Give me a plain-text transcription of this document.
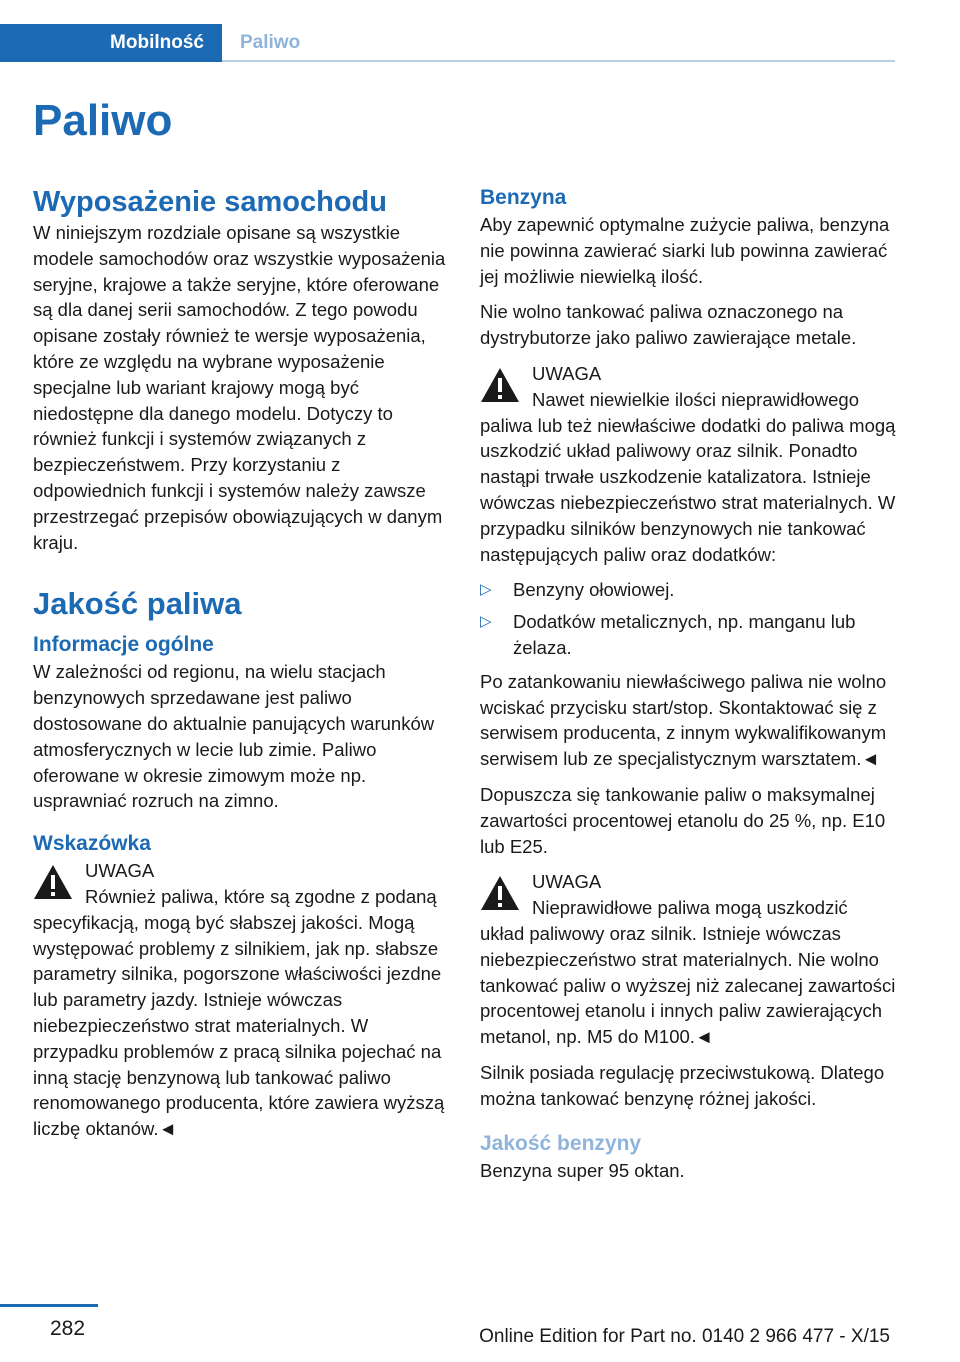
Mobilność	Paliwo
Paliwo
Wyposażenie samochodu

W niniejszym rozdziale opisane są wszystkie modele samochodów oraz wszystkie wyposażenia seryjne, krajowe a także seryjne, które oferowane są dla danej serii samochodów. Z tego powodu opisane zostały również te wersje wyposażenia, które ze względu na wybrane wyposażenie specjalne lub wariant krajowy mogą być niedostępne dla danego modelu. Dotyczy to również funkcji i systemów związanych z bezpieczeństwem. Przy korzystaniu z odpowiednich funkcji i systemów należy zawsze przestrzegać przepisów obowiązujących w danym kraju.

Jakość paliwa
Informacje ogólne

W zależności od regionu, na wielu stacjach benzynowych sprzedawane jest paliwo dostosowane do aktualnie panujących warunków atmosferycznych w lecie lub zimie. Paliwo oferowane w okresie zimowym może np. usprawniać rozruch na zimno.

Wskazówka
UWAGA
Również paliwa, które są zgodne z podaną specyfikacją, mogą być słabszej jakości. Mogą występować problemy z silnikiem, jak np. słabsze parametry silnika, pogorszone właściwości jezdne lub parametry jazdy. Istnieje wówczas niebezpieczeństwo strat materialnych. W przypadku problemów z pracą silnika pojechać na inną stację benzynową lub tankować paliwo renomowanego producenta, które zawiera wyższą liczbę oktanów.◄
Benzyna

Aby zapewnić optymalne zużycie paliwa, benzyna nie powinna zawierać siarki lub powinna zawierać jej możliwie niewielką ilość.

Nie wolno tankować paliwa oznaczonego na dystrybutorze jako paliwo zawierające metale.

UWAGA
Nawet niewielkie ilości nieprawidłowego paliwa lub też niewłaściwe dodatki do paliwa mogą uszkodzić układ paliwowy oraz silnik. Ponadto nastąpi trwałe uszkodzenie katalizatora. Istnieje wówczas niebezpieczeństwo strat materialnych. W przypadku silników benzynowych nie tankować następujących paliw oraz dodatków:
▷ Benzyny ołowiowej.
▷ Dodatków metalicznych, np. manganu lub żelaza.

Po zatankowaniu niewłaściwego paliwa nie wolno wciskać przycisku start/stop. Skontaktować się z serwisem producenta, z innym wykwalifikowanym serwisem lub ze specjalistycznym warsztatem.◄

Dopuszcza się tankowanie paliw o maksymalnej zawartości procentowej etanolu do 25 %, np. E10 lub E25.

UWAGA
Nieprawidłowe paliwa mogą uszkodzić układ paliwowy oraz silnik. Istnieje wówczas niebezpieczeństwo strat materialnych. Nie wolno tankować paliw o wyższej niż zalecanej zawartości procentowej etanolu i innych paliw zawierających metanol, np. M5 do M100.◄

Silnik posiada regulację przeciwstukową. Dlatego można tankować benzynę różnej jakości.

Jakość benzyny

Benzyna super 95 oktan.

282	Online Edition for Part no. 0140 2 966 477 - X/15
